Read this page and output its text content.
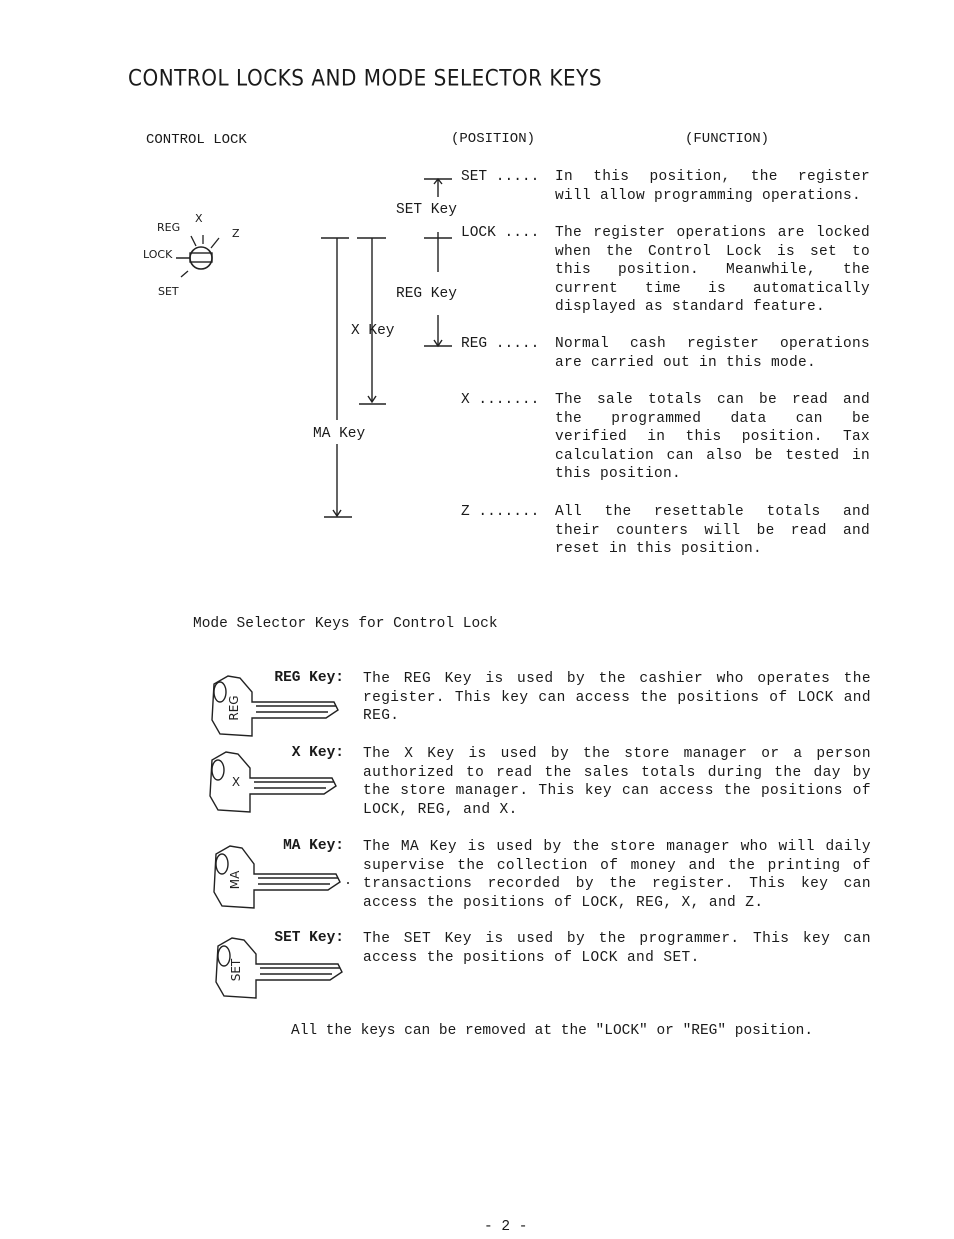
CONTROL LOCKS AND MODE SELECTOR KEYS
CONTROL LOCK	(POSITION)	(FUNCTION)
REG
X
Z
LOCK
SET
SET Key
REG Key
X Key
MA Key
SET .....
LOCK ....
REG .....
X .......
Z .......
In this position, the register will allow programming operations.
The register operations are locked when the Control Lock is set to this position. Meanwhile, the current time is automatically displayed as standard feature.
Normal cash register operations are carried out in this mode.
The sale totals can be read and the programmed data can be verified in this position. Tax calculation can also be tested in this position.
All the resettable totals and their counters will be read and reset in this position.
Mode Selector Keys for Control Lock
REG
REG Key: The REG Key is used by the cashier who operates the register. This key can access the positions of LOCK and REG.
X
X Key: The X Key is used by the store manager or a person authorized to read the sales totals during the day by the store manager. This key can access the positions of LOCK, REG, and X.
MA
MA Key: The MA Key is used by the store manager who will daily supervise the collection of money and the printing of transactions recorded by the register. This key can access the positions of LOCK, REG, X, and Z.
SET
SET Key: The SET Key is used by the programmer. This key can access the positions of LOCK and SET.
All the keys can be removed at the "LOCK" or "REG" position.
- 2 -
